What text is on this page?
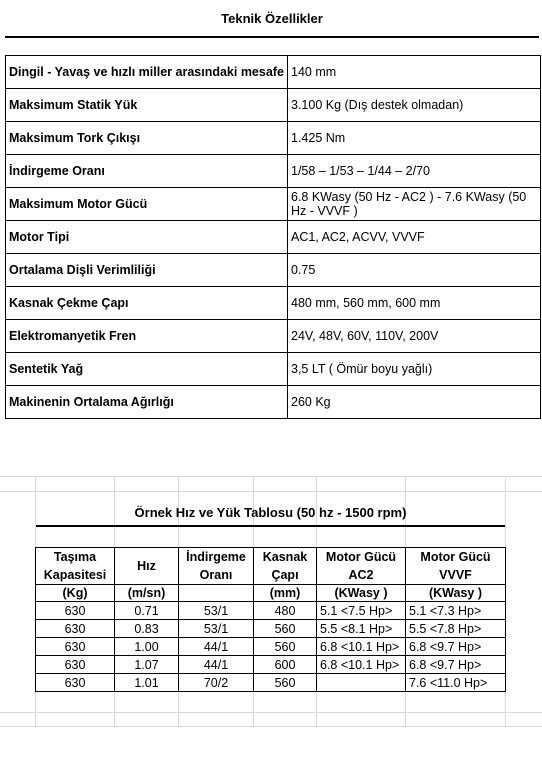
Teknik Özellikler
Dingil - Yavaş ve hızlı miller arasındaki mesafe	140 mm
Maksimum Statik Yük	3.100 Kg (Dış destek olmadan)
Maksimum Tork Çıkışı	1.425 Nm
İndirgeme Oranı	1/58 – 1/53 – 1/44 – 2/70
Maksimum Motor Gücü	6.8 KWasy (50 Hz - AC2 ) - 7.6 KWasy (50 Hz - VVVF )
Motor Tipi	AC1, AC2, ACVV, VVVF
Ortalama Dişli Verimliliği	0.75
Kasnak Çekme Çapı	480 mm, 560 mm, 600 mm
Elektromanyetik Fren	24V, 48V, 60V, 110V, 200V
Sentetik Yağ	3,5 LT ( Ömür boyu yağlı)
Makinenin Ortalama Ağırlığı	260 Kg
Örnek Hız ve Yük Tablosu (50 hz - 1500 rpm)
Taşıma	Hız	İndirgeme	Kasnak	Motor Gücü	Motor Gücü
Kapasitesi		Oranı	Çapı	AC2	VVVF
(Kg)	(m/sn)		(mm)	(KWasy )	(KWasy )
630	0.71	53/1	480	5.1 <7.5 Hp>	5.1 <7.3 Hp>
630	0.83	53/1	560	5.5 <8.1 Hp>	5.5 <7.8 Hp>
630	1.00	44/1	560	6.8 <10.1 Hp>	6.8 <9.7 Hp>
630	1.07	44/1	600	6.8 <10.1 Hp>	6.8 <9.7 Hp>
630	1.01	70/2	560		7.6 <11.0 Hp>
